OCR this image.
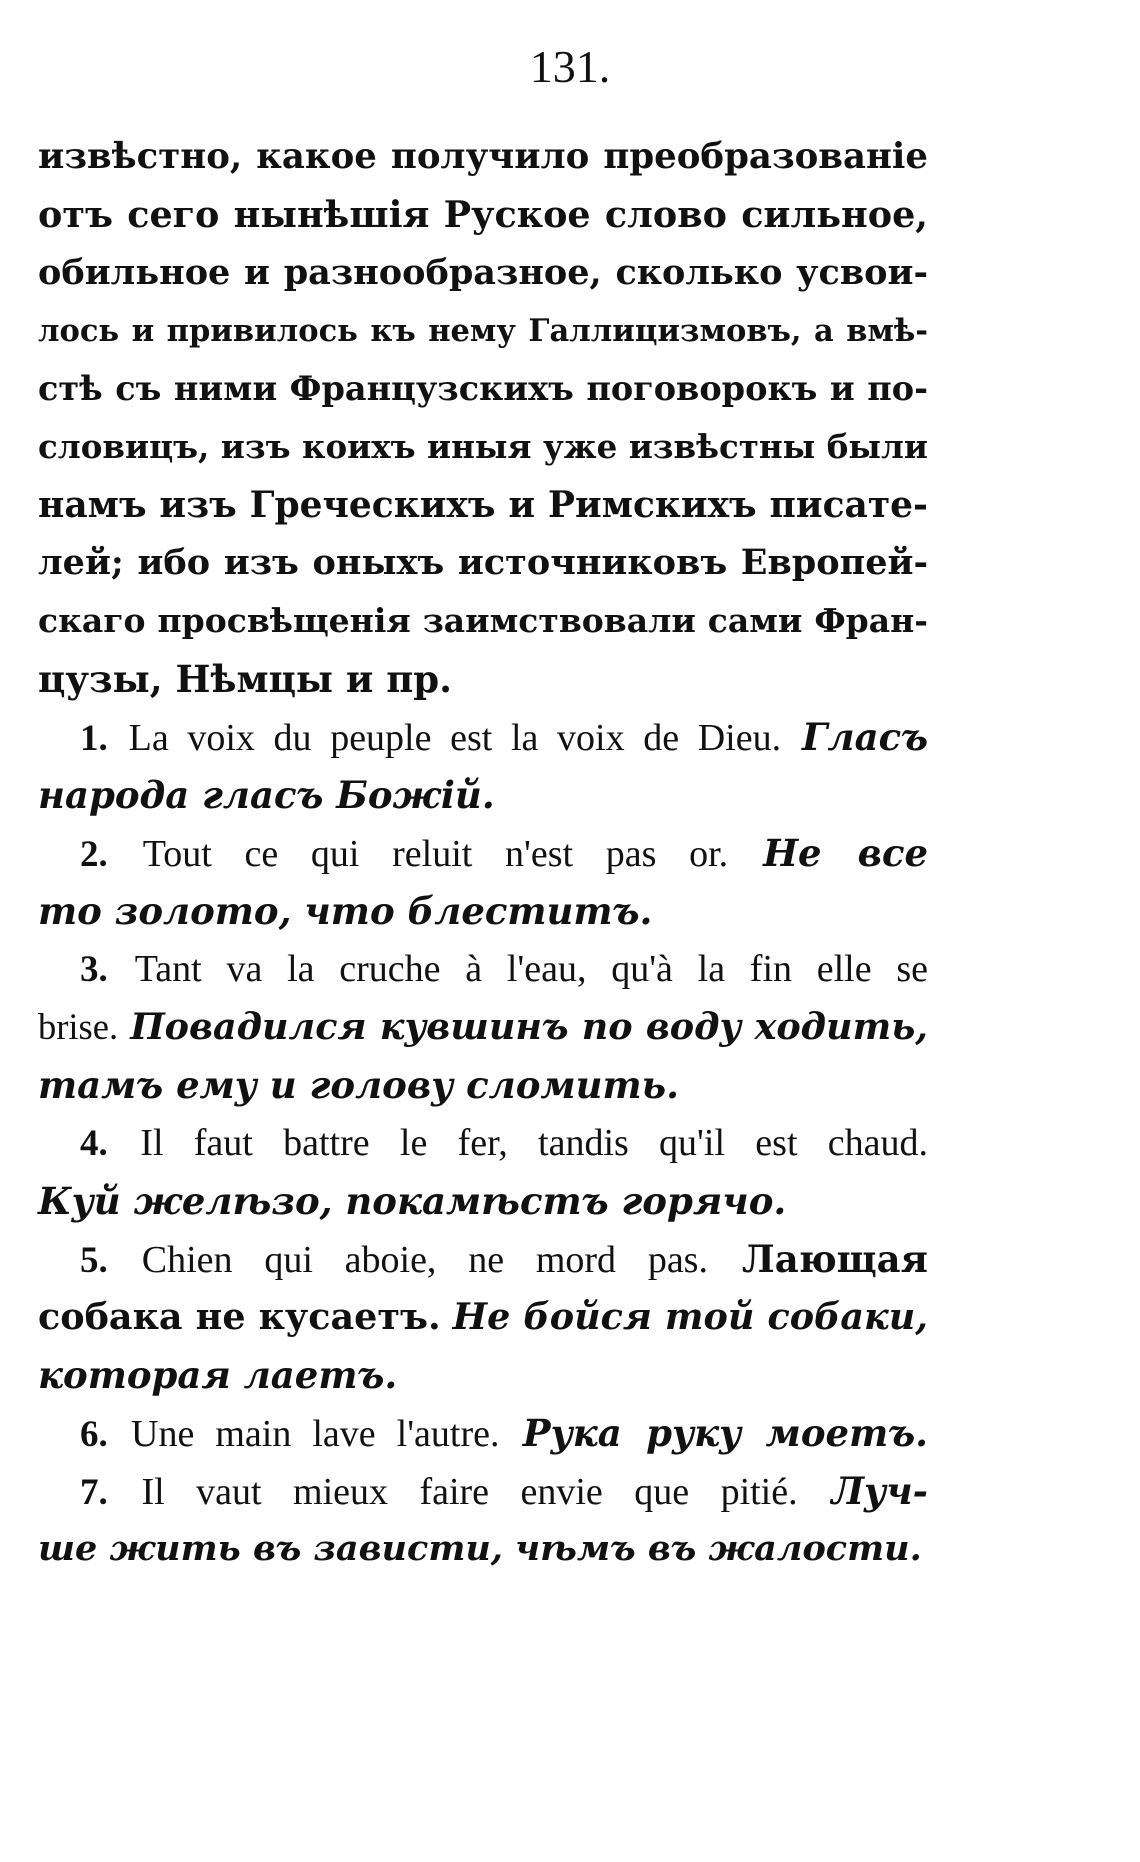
131.
извѣстно, какое получило преобразованіе
отъ сего нынѣшія Руское слово сильное,
обильное и разнообразное, сколько усвои-
лось и привилось къ нему Галлицизмовъ, а вмѣ-
стѣ съ ними Французскихъ поговорокъ и по-
словицъ, изъ коихъ иныя уже извѣстны были
намъ изъ Греческихъ и Римскихъ писате-
лей; ибо изъ оныхъ источниковъ Европей-
скаго просвѣщенія заимствовали сами Фран-
цузы, Нѣмцы и пр.
1. La voix du peuple est la voix de Dieu. Гласъ
народа гласъ Божій.
2. Tout ce qui reluit n'est pas or. Не все
то золото, что блеститъ.
3. Tant va la cruche à l'eau, qu'à la fin elle se
brise. Повадился кувшинъ по воду ходить,
тамъ ему и голову сломить.
4. Il faut battre le fer, tandis qu'il est chaud.
Куй желѣзо, покамѣстъ горячо.
5. Chien qui aboie, ne mord pas. Лающая
собака не кусаетъ. Не бойся той собаки,
которая лаетъ.
6. Une main lave l'autre. Рука руку моетъ.
7. Il vaut mieux faire envie que pitié. Луч-
ше жить въ зависти, чѣмъ въ жалости.
